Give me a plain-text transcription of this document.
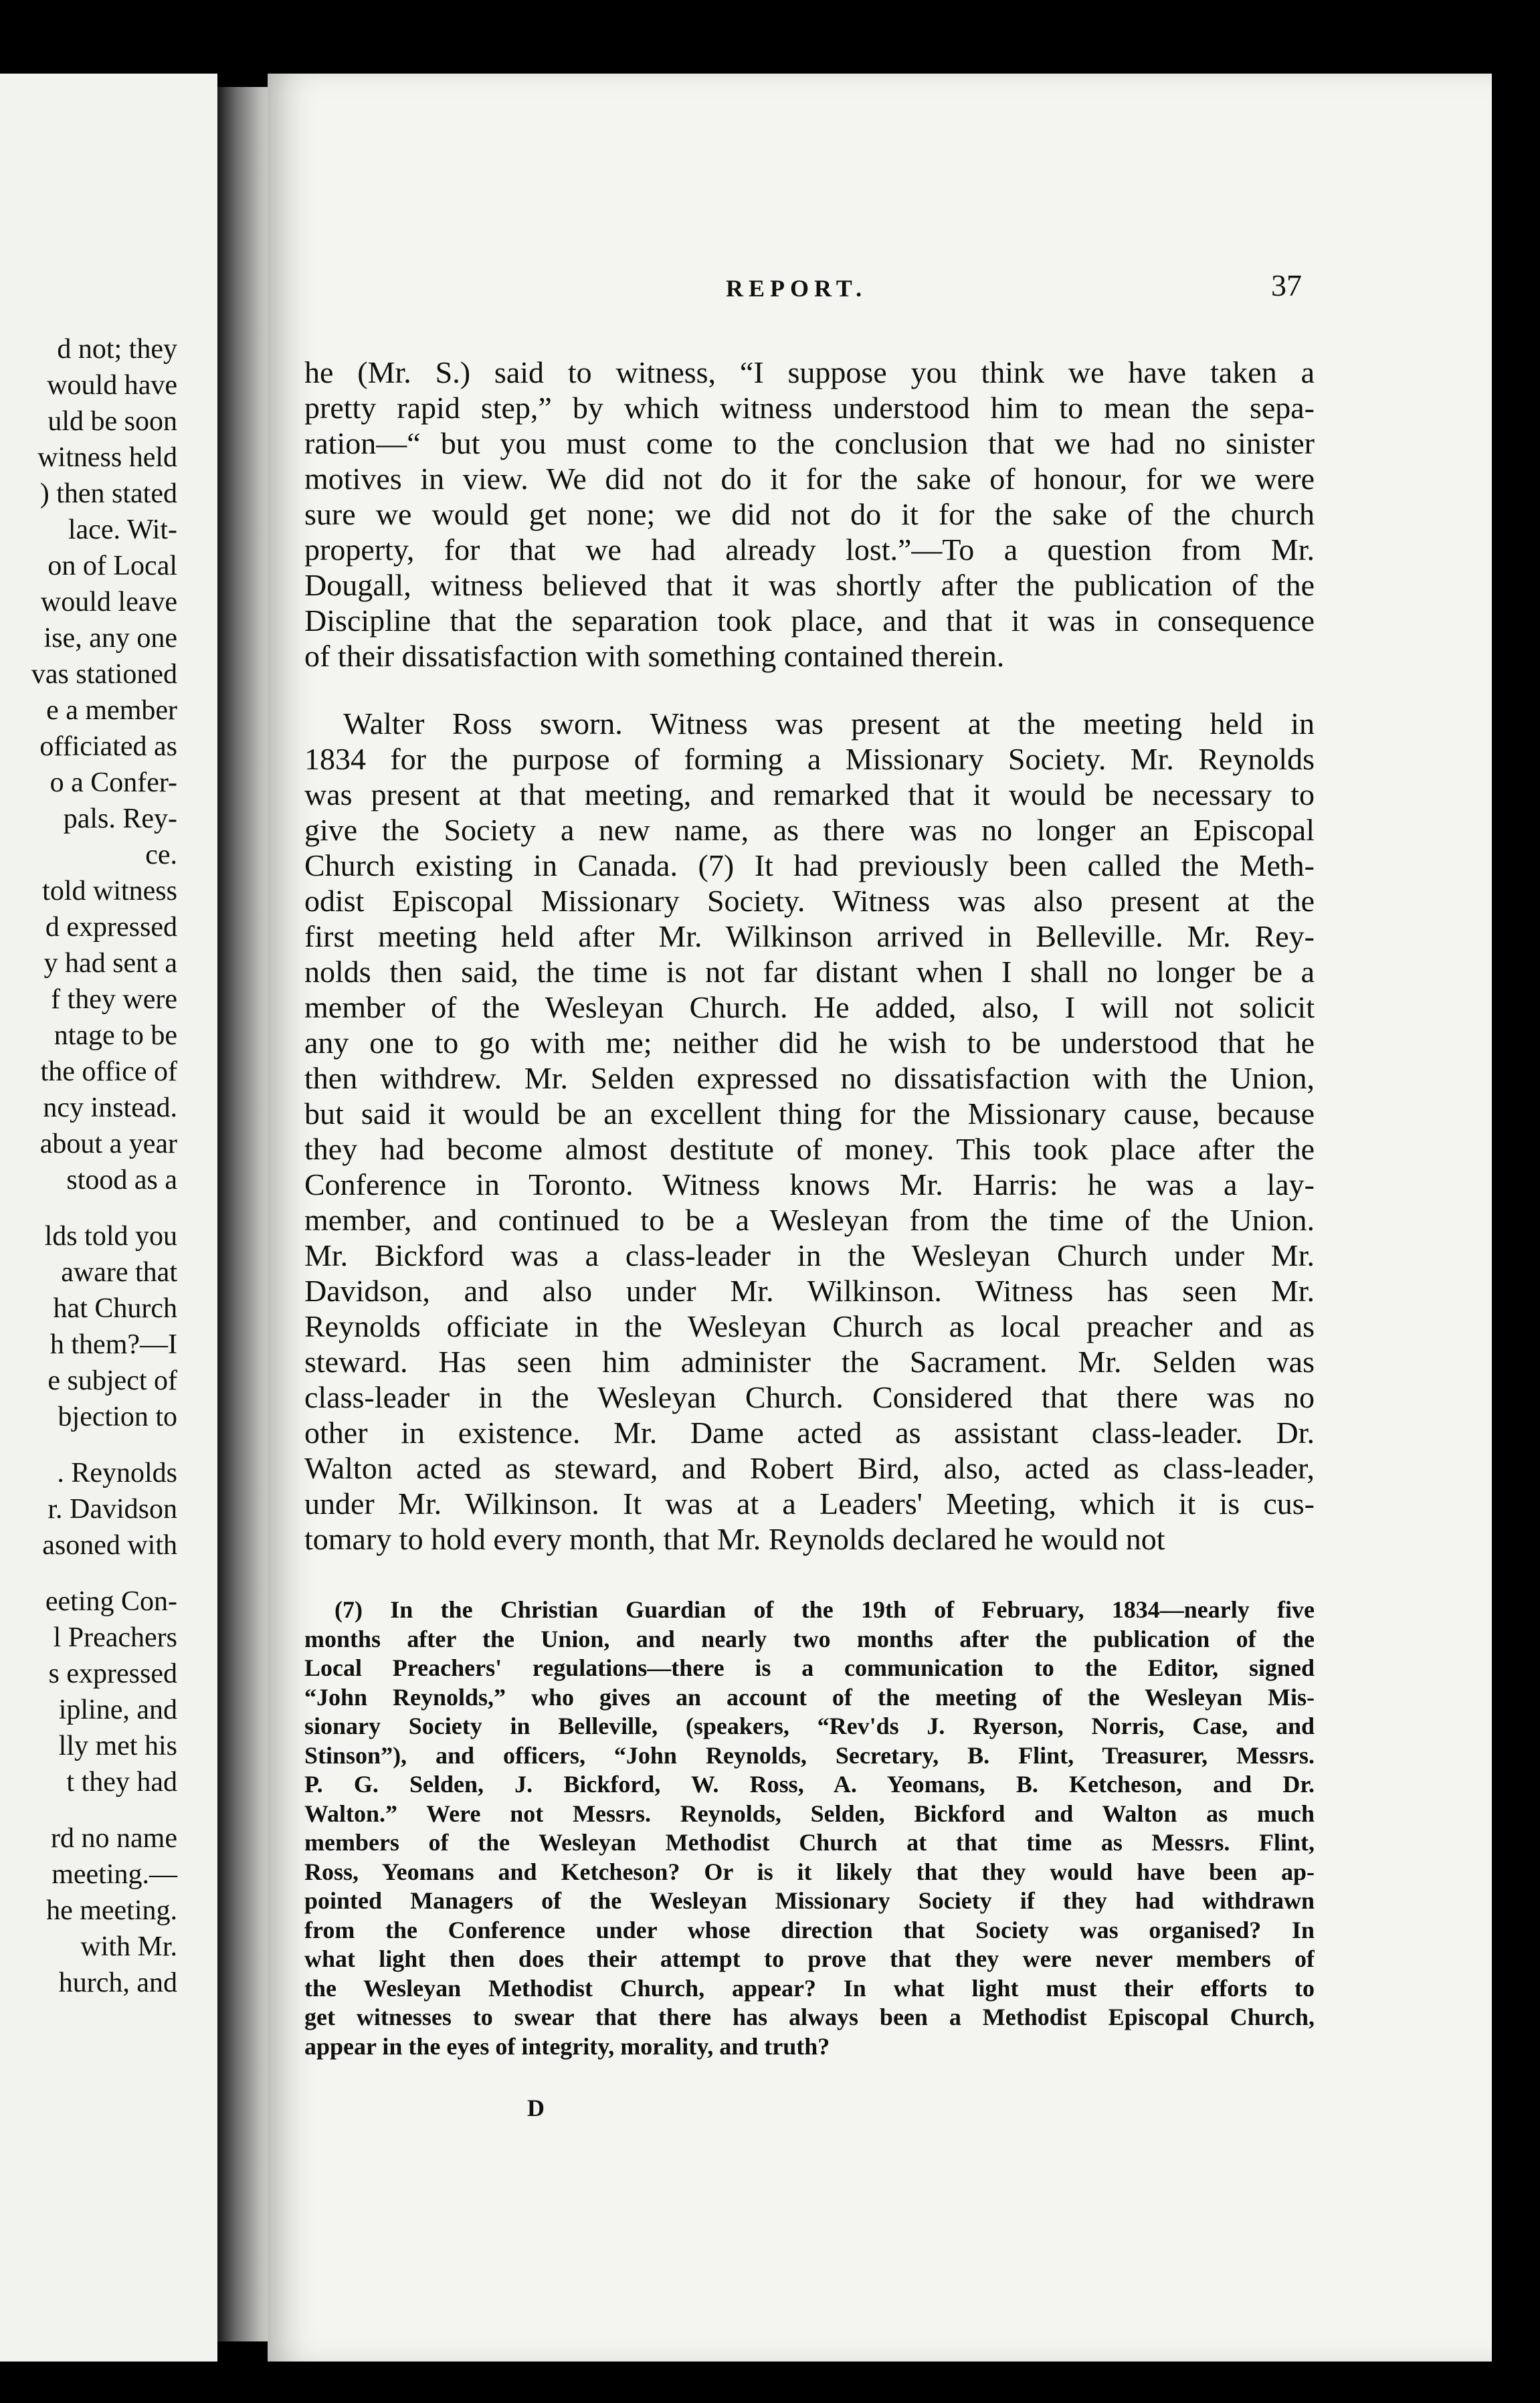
d not; they
would have
uld be soon
witness held
) then stated
lace. Wit-
on of Local
would leave
ise, any one
vas stationed
e a member
officiated as
o a Confer-
pals. Rey-
ce.
told witness
d expressed
y had sent a
f they were
ntage to be
the office of
ncy instead.
about a year
stood as a
lds told you
aware that
hat Church
h them?—I
e subject of
bjection to
. Reynolds
r. Davidson
asoned with
eeting Con-
l Preachers
s expressed
ipline, and
lly met his
t they had
rd no name
meeting.—
he meeting.
with Mr.
hurch, and
REPORT.	37
he (Mr. S.) said to witness, “I suppose you think we have taken a
pretty rapid step,” by which witness understood him to mean the sepa-
ration—“ but you must come to the conclusion that we had no sinister
motives in view. We did not do it for the sake of honour, for we were
sure we would get none; we did not do it for the sake of the church
property, for that we had already lost.”—To a question from Mr.
Dougall, witness believed that it was shortly after the publication of the
Discipline that the separation took place, and that it was in consequence
of their dissatisfaction with something contained therein.
Walter Ross sworn. Witness was present at the meeting held in
1834 for the purpose of forming a Missionary Society. Mr. Reynolds
was present at that meeting, and remarked that it would be necessary to
give the Society a new name, as there was no longer an Episcopal
Church existing in Canada. (7) It had previously been called the Meth-
odist Episcopal Missionary Society. Witness was also present at the
first meeting held after Mr. Wilkinson arrived in Belleville. Mr. Rey-
nolds then said, the time is not far distant when I shall no longer be a
member of the Wesleyan Church. He added, also, I will not solicit
any one to go with me; neither did he wish to be understood that he
then withdrew. Mr. Selden expressed no dissatisfaction with the Union,
but said it would be an excellent thing for the Missionary cause, because
they had become almost destitute of money. This took place after the
Conference in Toronto. Witness knows Mr. Harris: he was a lay-
member, and continued to be a Wesleyan from the time of the Union.
Mr. Bickford was a class-leader in the Wesleyan Church under Mr.
Davidson, and also under Mr. Wilkinson. Witness has seen Mr.
Reynolds officiate in the Wesleyan Church as local preacher and as
steward. Has seen him administer the Sacrament. Mr. Selden was
class-leader in the Wesleyan Church. Considered that there was no
other in existence. Mr. Dame acted as assistant class-leader. Dr.
Walton acted as steward, and Robert Bird, also, acted as class-leader,
under Mr. Wilkinson. It was at a Leaders' Meeting, which it is cus-
tomary to hold every month, that Mr. Reynolds declared he would not
(7) In the Christian Guardian of the 19th of February, 1834—nearly five
months after the Union, and nearly two months after the publication of the
Local Preachers' regulations—there is a communication to the Editor, signed
“John Reynolds,” who gives an account of the meeting of the Wesleyan Mis-
sionary Society in Belleville, (speakers, “Rev'ds J. Ryerson, Norris, Case, and
Stinson”), and officers, “John Reynolds, Secretary, B. Flint, Treasurer, Messrs.
P. G. Selden, J. Bickford, W. Ross, A. Yeomans, B. Ketcheson, and Dr.
Walton.” Were not Messrs. Reynolds, Selden, Bickford and Walton as much
members of the Wesleyan Methodist Church at that time as Messrs. Flint,
Ross, Yeomans and Ketcheson? Or is it likely that they would have been ap-
pointed Managers of the Wesleyan Missionary Society if they had withdrawn
from the Conference under whose direction that Society was organised? In
what light then does their attempt to prove that they were never members of
the Wesleyan Methodist Church, appear? In what light must their efforts to
get witnesses to swear that there has always been a Methodist Episcopal Church,
appear in the eyes of integrity, morality, and truth?
D
